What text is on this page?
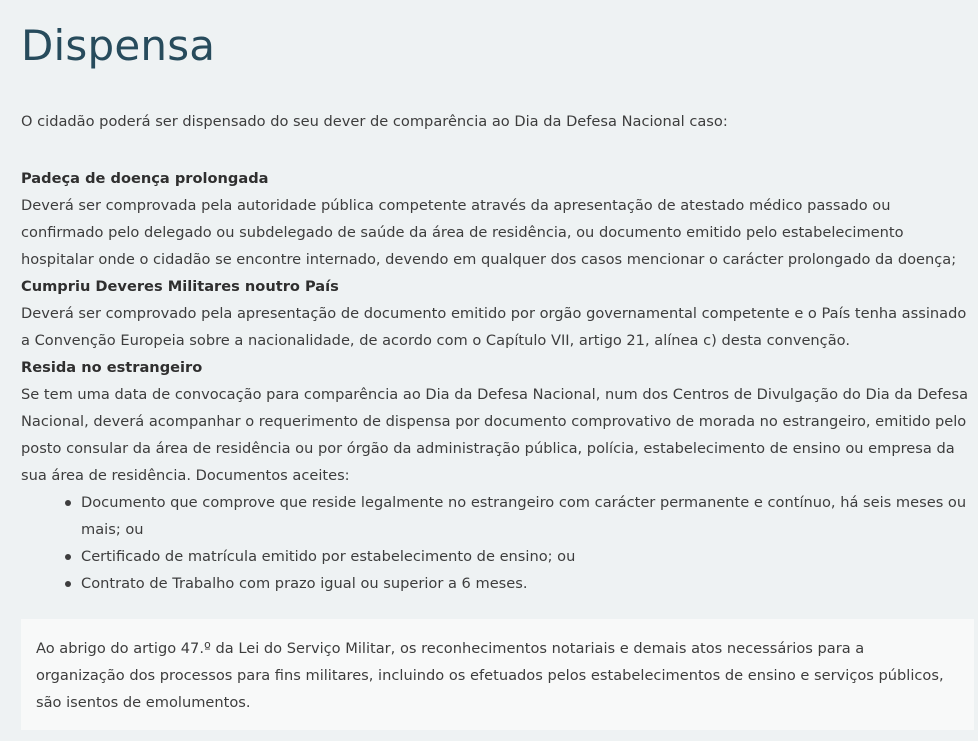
Dispensa

O cidadão poderá ser dispensado do seu dever de comparência ao Dia da Defesa Nacional caso:

Padeça de doença prolongada
Deverá ser comprovada pela autoridade pública competente através da apresentação de atestado médico passado ou confirmado pelo delegado ou subdelegado de saúde da área de residência, ou documento emitido pelo estabelecimento hospitalar onde o cidadão se encontre internado, devendo em qualquer dos casos mencionar o carácter prolongado da doença;
Cumpriu Deveres Militares noutro País
Deverá ser comprovado pela apresentação de documento emitido por orgão governamental competente e o País tenha assinado a Convenção Europeia sobre a nacionalidade, de acordo com o Capítulo VII, artigo 21, alínea c) desta convenção.
Resida no estrangeiro
Se tem uma data de convocação para comparência ao Dia da Defesa Nacional, num dos Centros de Divulgação do Dia da Defesa Nacional, deverá acompanhar o requerimento de dispensa por documento comprovativo de morada no estrangeiro, emitido pelo posto consular da área de residência ou por órgão da administração pública, polícia, estabelecimento de ensino ou empresa da sua área de residência. Documentos aceites:
Documento que comprove que reside legalmente no estrangeiro com carácter permanente e contínuo, há seis meses ou mais; ou
Certificado de matrícula emitido por estabelecimento de ensino; ou
Contrato de Trabalho com prazo igual ou superior a 6 meses.
Ao abrigo do artigo 47.º da Lei do Serviço Militar, os reconhecimentos notariais e demais atos necessários para a organização dos processos para fins militares, incluindo os efetuados pelos estabelecimentos de ensino e serviços públicos, são isentos de emolumentos.
